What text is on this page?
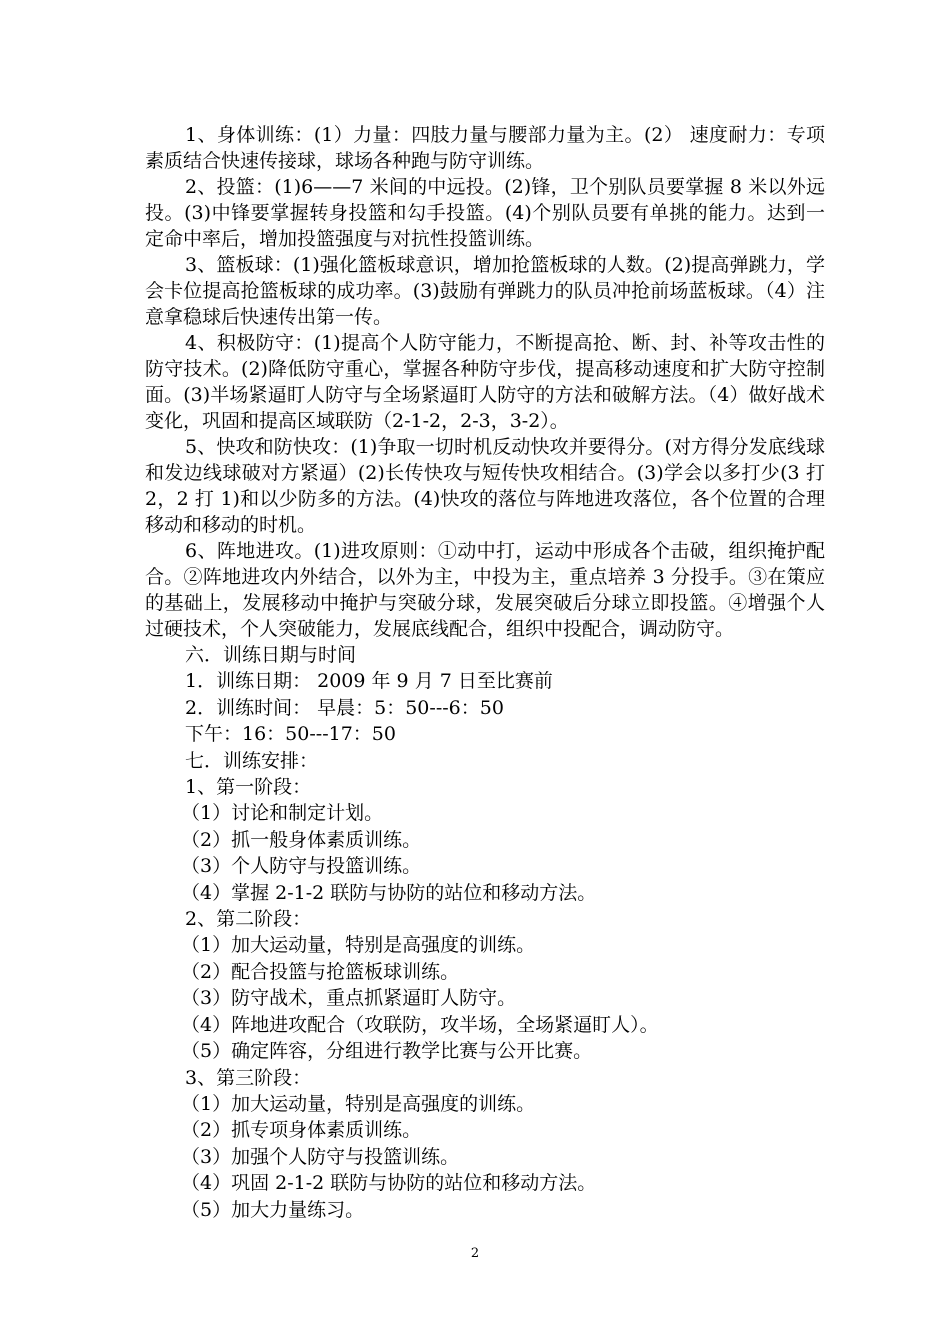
1、身体训练：(1）力量：四肢力量与腰部力量为主。(2） 速度耐力：专项素质结合快速传接球，球场各种跑与防守训练。

2、投篮：(1)6——7 米间的中远投。(2)锋，卫个别队员要掌握 8 米以外远投。(3)中锋要掌握转身投篮和勾手投篮。(4)个别队员要有单挑的能力。达到一定命中率后，增加投篮强度与对抗性投篮训练。

3、篮板球：(1)强化篮板球意识，增加抢篮板球的人数。(2)提高弹跳力，学会卡位提高抢篮板球的成功率。(3)鼓励有弹跳力的队员冲抢前场蓝板球。（4）注意拿稳球后快速传出第一传。

4、积极防守：(1)提高个人防守能力，不断提高抢、断、封、补等攻击性的防守技术。(2)降低防守重心，掌握各种防守步伐，提高移动速度和扩大防守控制面。(3)半场紧逼盯人防守与全场紧逼盯人防守的方法和破解方法。（4）做好战术变化，巩固和提高区域联防（2-1-2，2-3，3-2）。

5、快攻和防快攻：(1)争取一切时机反动快攻并要得分。(对方得分发底线球和发边线球破对方紧逼）(2)长传快攻与短传快攻相结合。(3)学会以多打少(3 打 2，2 打 1)和以少防多的方法。(4)快攻的落位与阵地进攻落位，各个位置的合理移动和移动的时机。

6、阵地进攻。(1)进攻原则：①动中打，运动中形成各个击破，组织掩护配合。②阵地进攻内外结合，以外为主，中投为主，重点培养 3 分投手。③在策应的基础上，发展移动中掩护与突破分球，发展突破后分球立即投篮。④增强个人过硬技术，个人突破能力，发展底线配合，组织中投配合，调动防守。

六．训练日期与时间

1．训练日期： 2009 年 9 月 7 日至比赛前

2．训练时间： 早晨：5：50---6：50

下午：16：50---17：50

七．训练安排：

1、第一阶段：

（1）讨论和制定计划。

（2）抓一般身体素质训练。

（3）个人防守与投篮训练。

（4）掌握 2-1-2 联防与协防的站位和移动方法。

2、第二阶段：

（1）加大运动量，特别是高强度的训练。

（2）配合投篮与抢篮板球训练。

（3）防守战术，重点抓紧逼盯人防守。

（4）阵地进攻配合（攻联防，攻半场，全场紧逼盯人）。

（5）确定阵容，分组进行教学比赛与公开比赛。

3、第三阶段：

（1）加大运动量，特别是高强度的训练。

（2）抓专项身体素质训练。

（3）加强个人防守与投篮训练。

（4）巩固 2-1-2 联防与协防的站位和移动方法。

（5）加大力量练习。

2
